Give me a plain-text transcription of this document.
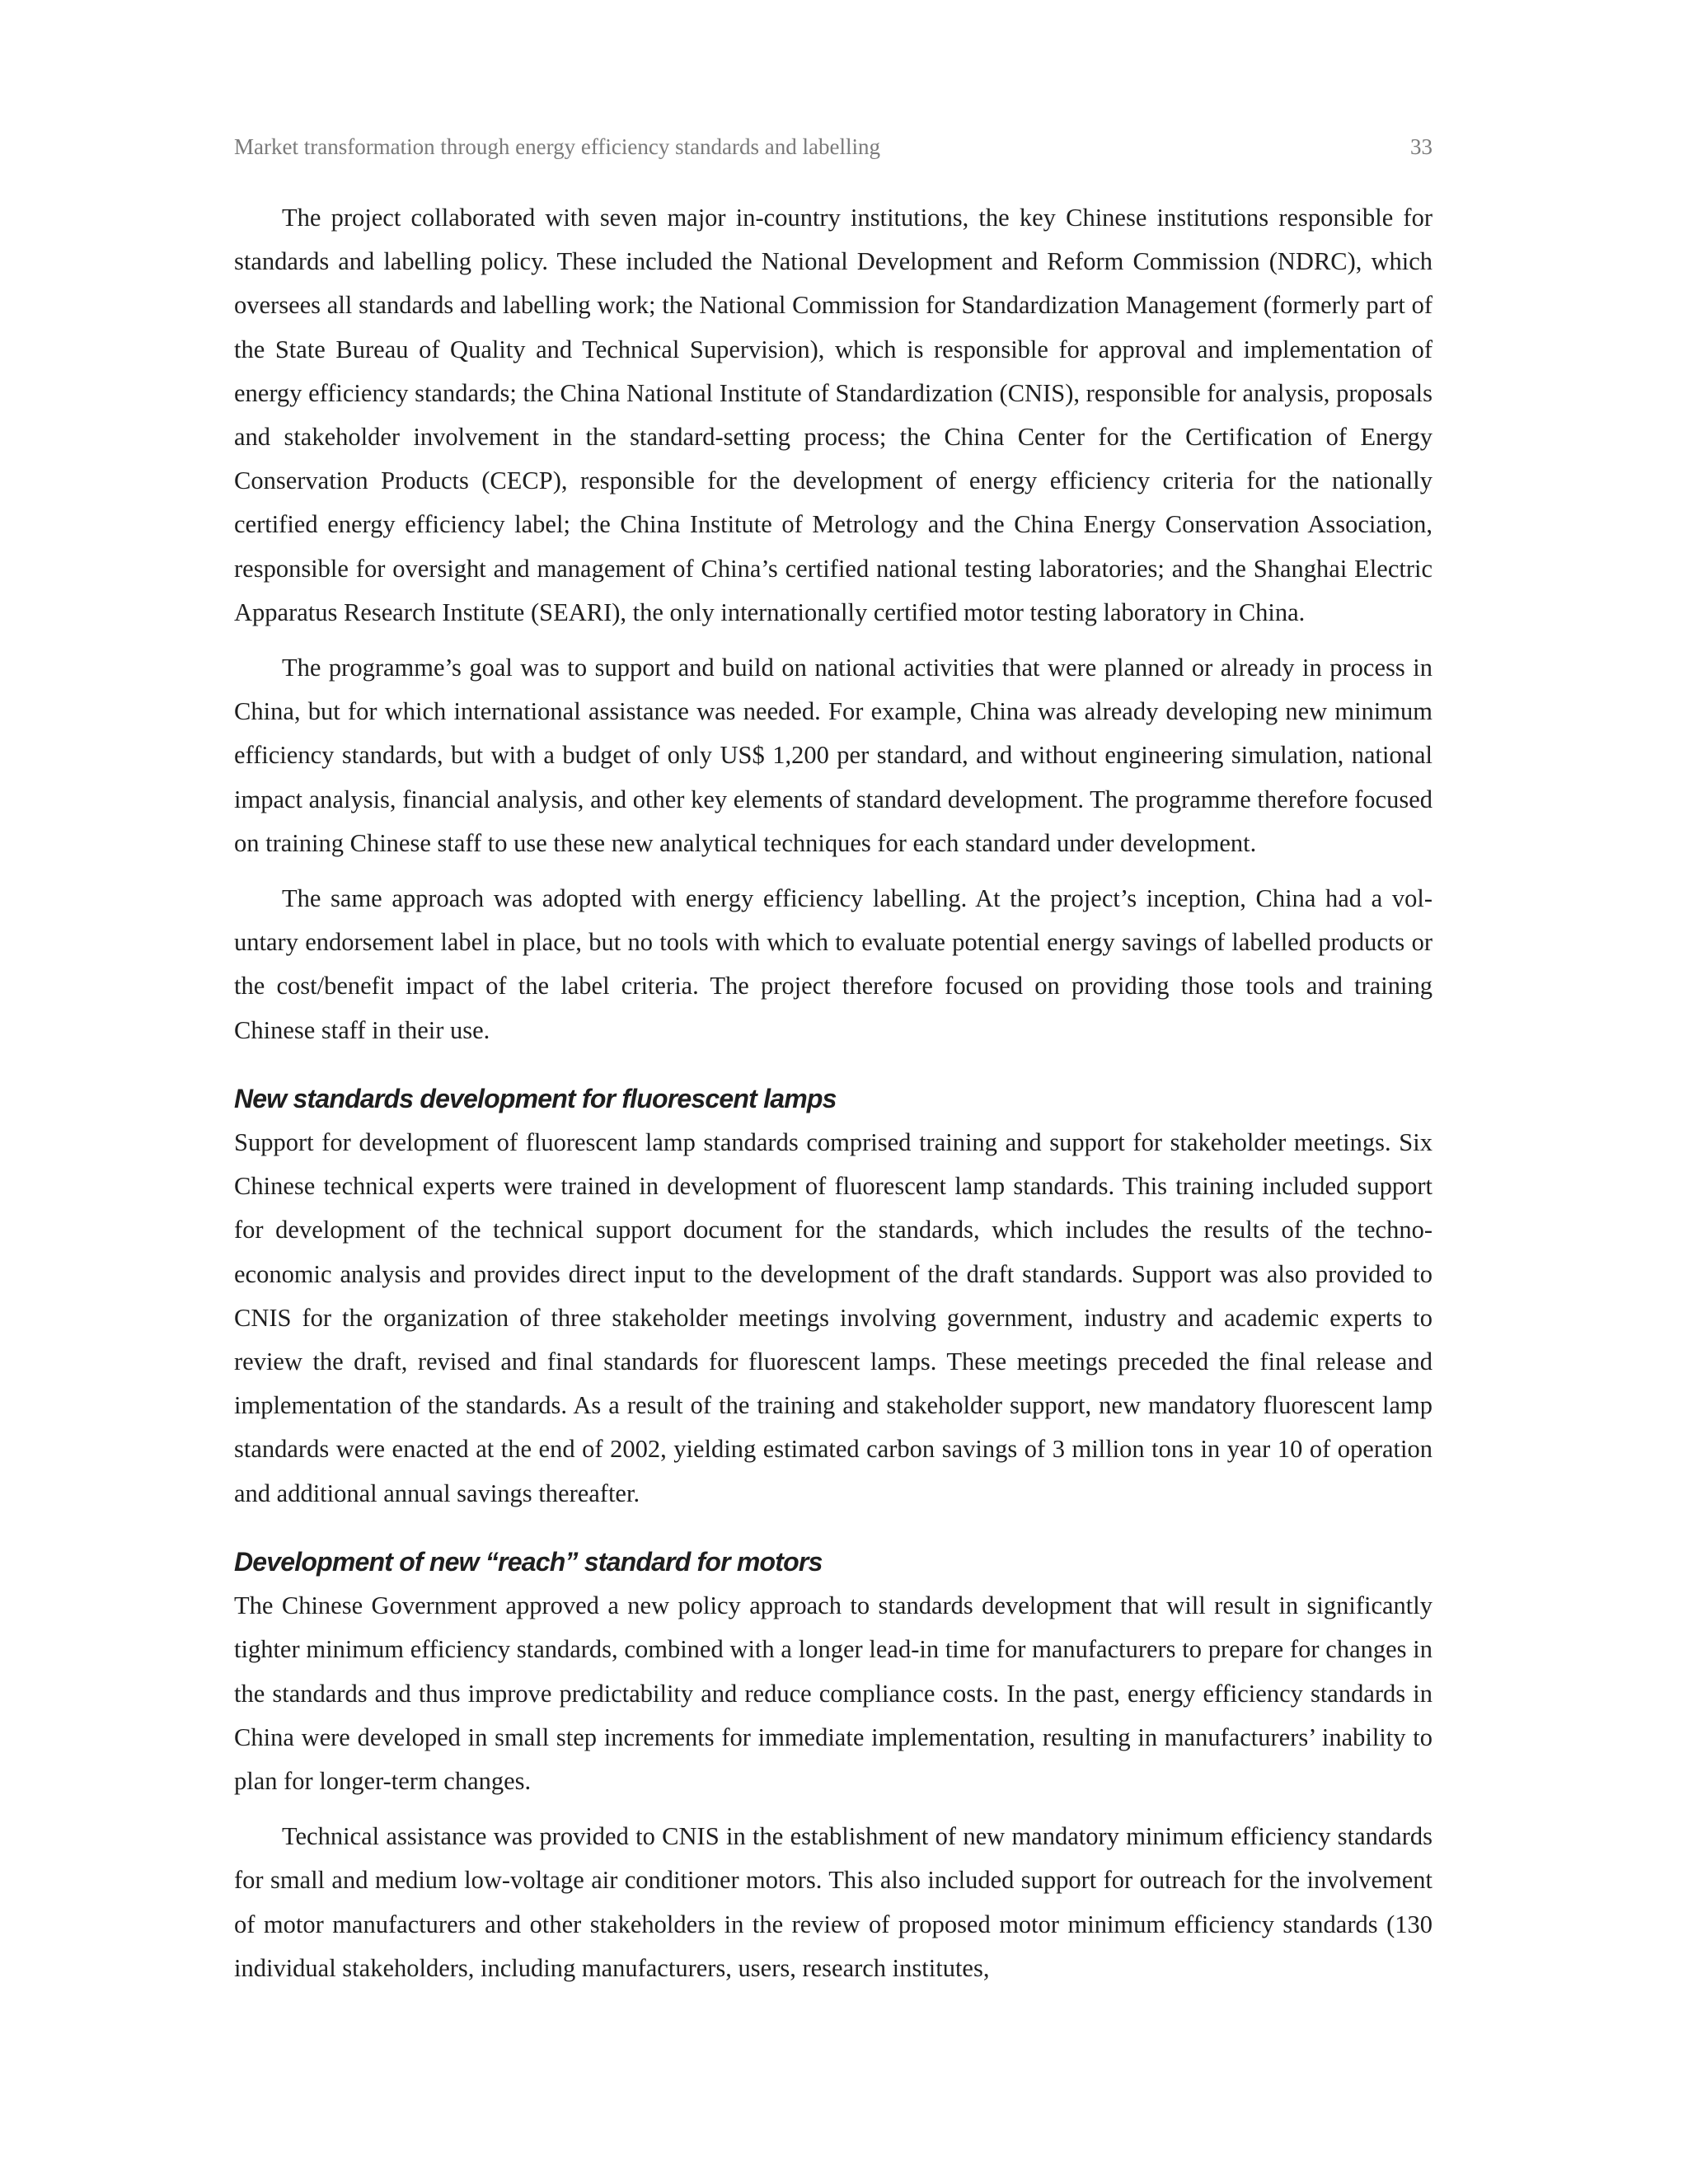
Market transformation through energy efficiency standards and labelling	33

The project collaborated with seven major in-country institutions, the key Chinese institutions responsible for standards and labelling policy. These included the National Development and Reform Commission (NDRC), which oversees all standards and labelling work; the National Commission for Standardization Management (formerly part of the State Bureau of Quality and Technical Supervision), which is responsible for approval and implementation of energy efficiency standards; the China National Institute of Standardization (CNIS), responsible for analysis, proposals and stakeholder involvement in the standard-setting process; the China Center for the Certification of Energy Conservation Products (CECP), responsible for the development of energy efficiency criteria for the nationally certified energy efficiency label; the China Institute of Metrology and the China Energy Conservation Association, responsible for oversight and management of China’s certified national testing laboratories; and the Shanghai Electric Apparatus Research Institute (SEARI), the only internationally certified motor testing laboratory in China.

The programme’s goal was to support and build on national activities that were planned or already in process in China, but for which international assistance was needed. For example, China was already developing new minimum efficiency standards, but with a budget of only US$ 1,200 per standard, and without engineering simulation, national impact analysis, financial analysis, and other key elements of standard development. The programme therefore focused on training Chinese staff to use these new analytical techniques for each standard under development.

The same approach was adopted with energy efficiency labelling. At the project’s inception, China had a voluntary endorsement label in place, but no tools with which to evaluate potential energy savings of labelled products or the cost/benefit impact of the label criteria. The project therefore focused on providing those tools and training Chinese staff in their use.

New standards development for fluorescent lamps

Support for development of fluorescent lamp standards comprised training and support for stakeholder meetings. Six Chinese technical experts were trained in development of fluorescent lamp standards. This training included support for development of the technical support document for the standards, which includes the results of the techno-economic analysis and provides direct input to the development of the draft standards. Support was also provided to CNIS for the organization of three stakeholder meetings involving government, industry and academic experts to review the draft, revised and final standards for fluorescent lamps. These meetings preceded the final release and implementation of the standards. As a result of the training and stakeholder support, new mandatory fluorescent lamp standards were enacted at the end of 2002, yielding estimated carbon savings of 3 million tons in year 10 of operation and additional annual savings thereafter.

Development of new “reach” standard for motors

The Chinese Government approved a new policy approach to standards development that will result in significantly tighter minimum efficiency standards, combined with a longer lead-in time for manufacturers to prepare for changes in the standards and thus improve predictability and reduce compliance costs. In the past, energy efficiency standards in China were developed in small step increments for immediate implementation, resulting in manufacturers’ inability to plan for longer-term changes.

Technical assistance was provided to CNIS in the establishment of new mandatory minimum efficiency standards for small and medium low-voltage air conditioner motors. This also included support for outreach for the involvement of motor manufacturers and other stakeholders in the review of proposed motor minimum efficiency standards (130 individual stakeholders, including manufacturers, users, research institutes,
